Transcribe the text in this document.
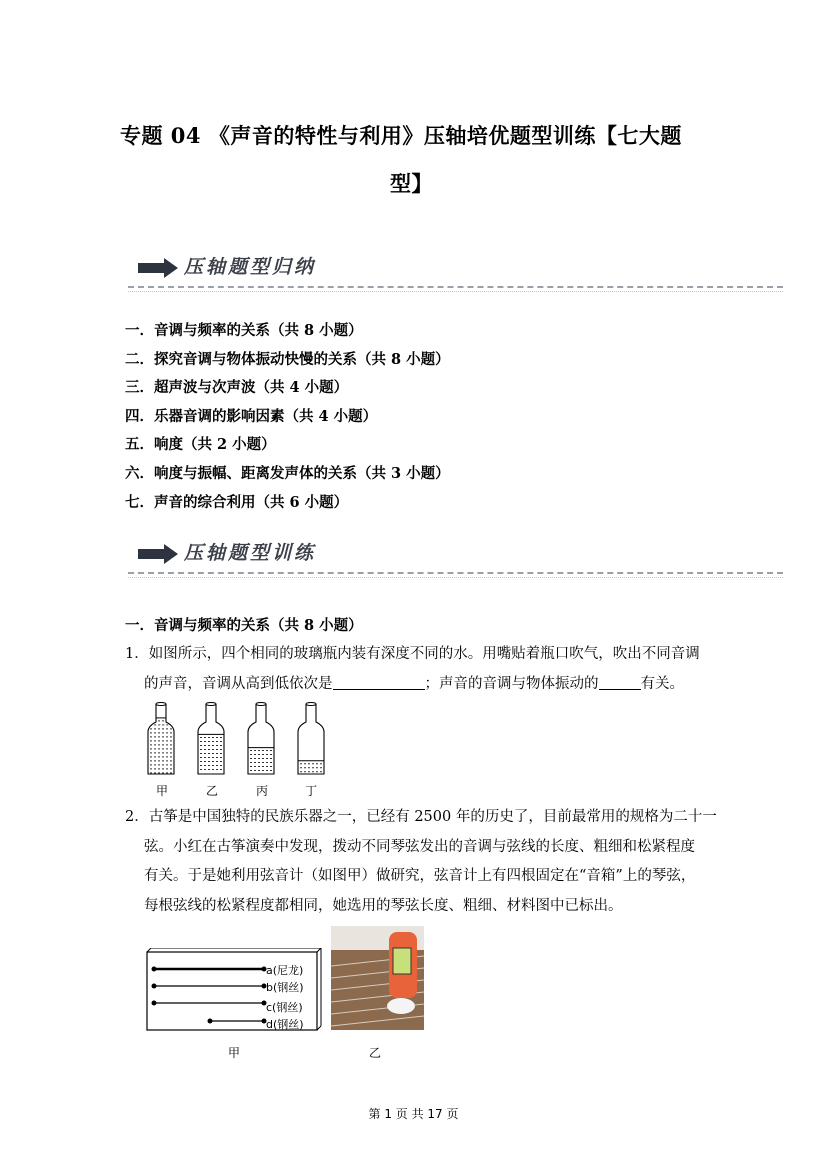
专题 04 《声音的特性与利用》压轴培优题型训练【七大题
型】
压轴题型归纳
一．音调与频率的关系（共 8 小题）
二．探究音调与物体振动快慢的关系（共 8 小题）
三．超声波与次声波（共 4 小题）
四．乐器音调的影响因素（共 4 小题）
五．响度（共 2 小题）
六．响度与振幅、距离发声体的关系（共 3 小题）
七．声音的综合利用（共 6 小题）
压轴题型训练
一．音调与频率的关系（共 8 小题）
1．如图所示，四个相同的玻璃瓶内装有深度不同的水。用嘴贴着瓶口吹气，吹出不同音调
的声音，音调从高到低依次是	；声音的音调与物体振动的	有关。
甲	乙	丙	丁
2．古筝是中国独特的民族乐器之一，已经有 2500 年的历史了，目前最常用的规格为二十一
弦。小红在古筝演奏中发现，拨动不同琴弦发出的音调与弦线的长度、粗细和松紧程度
有关。于是她利用弦音计（如图甲）做研究，弦音计上有四根固定在“音箱”上的琴弦，
每根弦线的松紧程度都相同，她选用的琴弦长度、粗细、材料图中已标出。
a(尼龙)
b(钢丝)
c(钢丝)
d(钢丝)
甲	乙
第 1 页 共 17 页
